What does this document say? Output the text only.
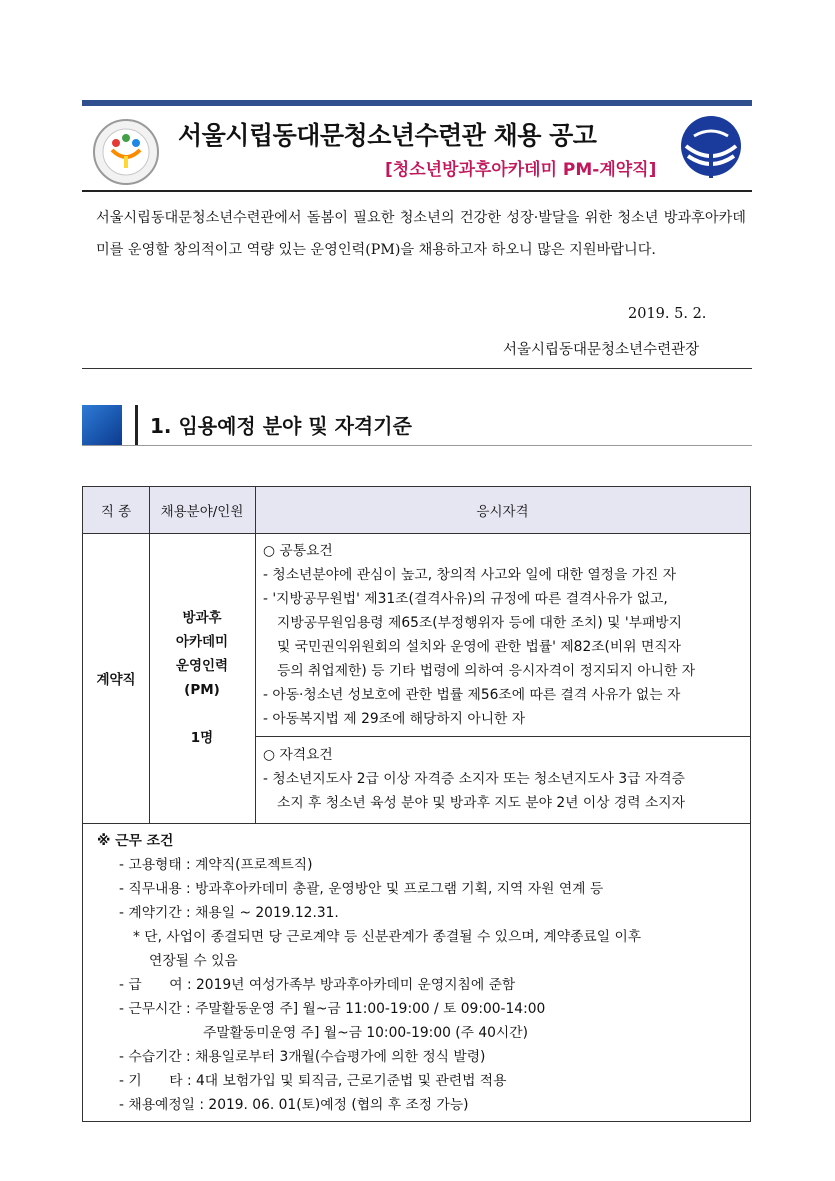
서울시립동대문청소년수련관 채용 공고
[청소년방과후아카데미 PM-계약직]
서울시립동대문청소년수련관에서 돌봄이 필요한 청소년의 건강한 성장·발달을 위한 청소년 방과후아카데미를 운영할 창의적이고 역량 있는 운영인력(PM)을 채용하고자 하오니 많은 지원바랍니다.
2019. 5. 2.
서울시립동대문청소년수련관장
1. 임용예정 분야 및 자격기준
직 종	채용분야/인원	응시자격
계약직
방과후
아카데미
운영인력
(PM)
1명
○ 공통요건
- 청소년분야에 관심이 높고, 창의적 사고와 일에 대한 열정을 가진 자
- '지방공무원법' 제31조(결격사유)의 규정에 따른 결격사유가 없고,
지방공무원임용령 제65조(부정행위자 등에 대한 조치) 및 '부패방지
및 국민권익위원회의 설치와 운영에 관한 법률' 제82조(비위 면직자
등의 취업제한) 등 기타 법령에 의하여 응시자격이 정지되지 아니한 자
- 아동·청소년 성보호에 관한 법률 제56조에 따른 결격 사유가 없는 자
- 아동복지법 제 29조에 해당하지 아니한 자
○ 자격요건
- 청소년지도사 2급 이상 자격증 소지자 또는 청소년지도사 3급 자격증
소지 후 청소년 육성 분야 및 방과후 지도 분야 2년 이상 경력 소지자
※ 근무 조건
- 고용형태 : 계약직(프로젝트직)
- 직무내용 : 방과후아카데미 총괄, 운영방안 및 프로그램 기획, 지역 자원 연계 등
- 계약기간 : 채용일 ~ 2019.12.31.
* 단, 사업이 종결되면 당 근로계약 등 신분관계가 종결될 수 있으며, 계약종료일 이후
연장될 수 있음
- 급　　여 : 2019년 여성가족부 방과후아카데미 운영지침에 준함
- 근무시간 : 주말활동운영 주] 월~금 11:00-19:00 / 토 09:00-14:00
주말활동미운영 주] 월~금 10:00-19:00 (주 40시간)
- 수습기간 : 채용일로부터 3개월(수습평가에 의한 정식 발령)
- 기　　타 : 4대 보험가입 및 퇴직금, 근로기준법 및 관련법 적용
- 채용예정일 : 2019. 06. 01(토)예정 (협의 후 조정 가능)
